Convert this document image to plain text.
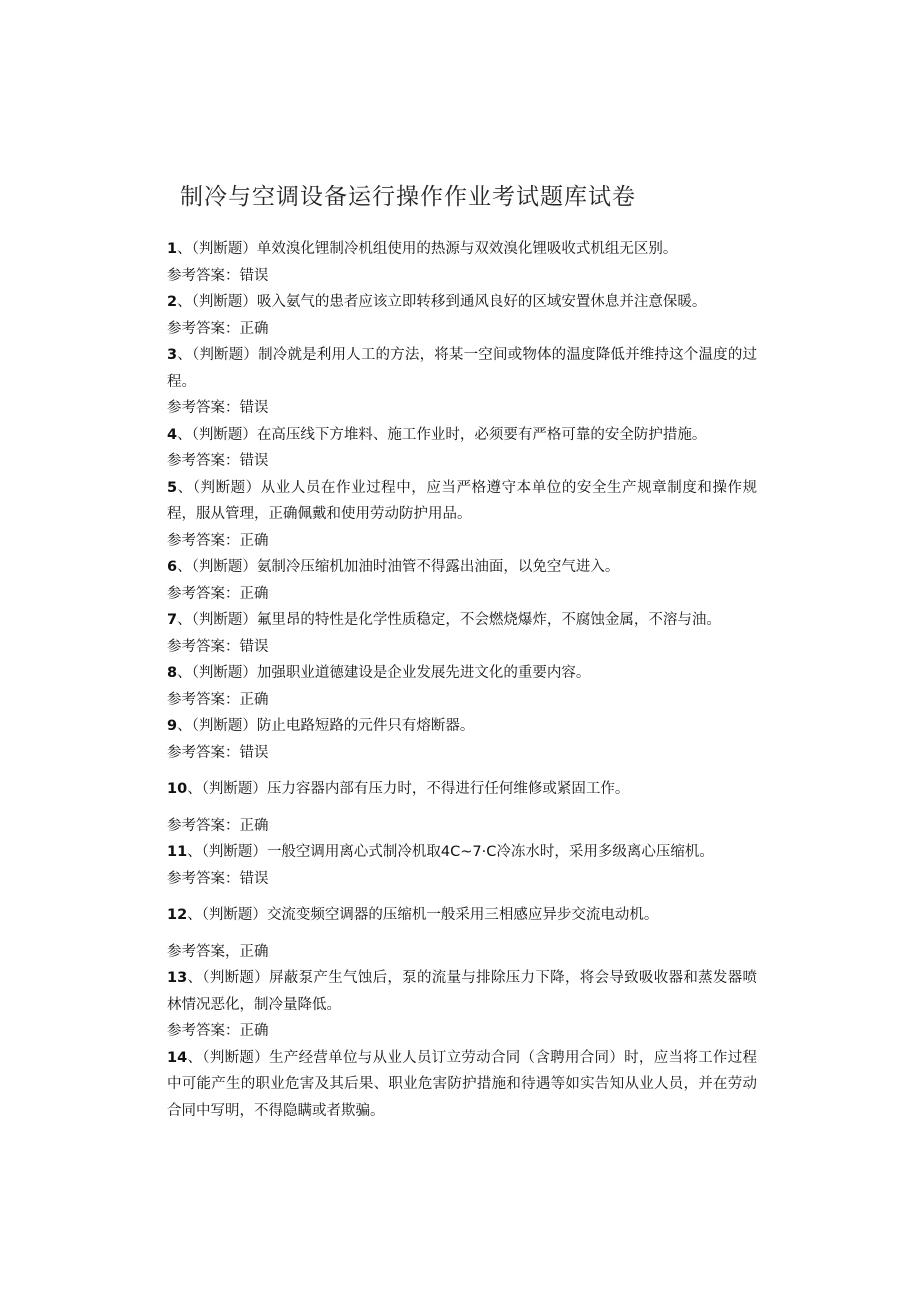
制冷与空调设备运行操作作业考试题库试卷
1、（判断题）单效溴化锂制冷机组使用的热源与双效溴化锂吸收式机组无区别。
参考答案：错误
2、（判断题）吸入氨气的患者应该立即转移到通风良好的区域安置休息并注意保暖。
参考答案：正确
3、（判断题）制冷就是利用人工的方法，将某一空间或物体的温度降低并维持这个温度的过程。
参考答案：错误
4、（判断题）在高压线下方堆料、施工作业时，必须要有严格可靠的安全防护措施。
参考答案：错误
5、（判断题）从业人员在作业过程中，应当严格遵守本单位的安全生产规章制度和操作规程，服从管理，正确佩戴和使用劳动防护用品。
参考答案：正确
6、（判断题）氨制冷压缩机加油时油管不得露出油面，以免空气进入。
参考答案：正确
7、（判断题）氟里昂的特性是化学性质稳定，不会燃烧爆炸，不腐蚀金属，不溶与油。
参考答案：错误
8、（判断题）加强职业道德建设是企业发展先进文化的重要内容。
参考答案：正确
9、（判断题）防止电路短路的元件只有熔断器。
参考答案：错误
10、（判断题）压力容器内部有压力时，不得进行任何维修或紧固工作。
参考答案：正确
11、（判断题）一般空调用离心式制冷机取4C~7·C冷冻水时，采用多级离心压缩机。
参考答案：错误
12、（判断题）交流变频空调器的压缩机一般采用三相感应异步交流电动机。
参考答案，正确
13、（判断题）屏蔽泵产生气蚀后，泵的流量与排除压力下降，将会导致吸收器和蒸发器喷林情况恶化，制冷量降低。
参考答案：正确
14、（判断题）生产经营单位与从业人员订立劳动合同（含聘用合同）时，应当将工作过程中可能产生的职业危害及其后果、职业危害防护措施和待遇等如实告知从业人员，并在劳动合同中写明，不得隐瞒或者欺骗。
